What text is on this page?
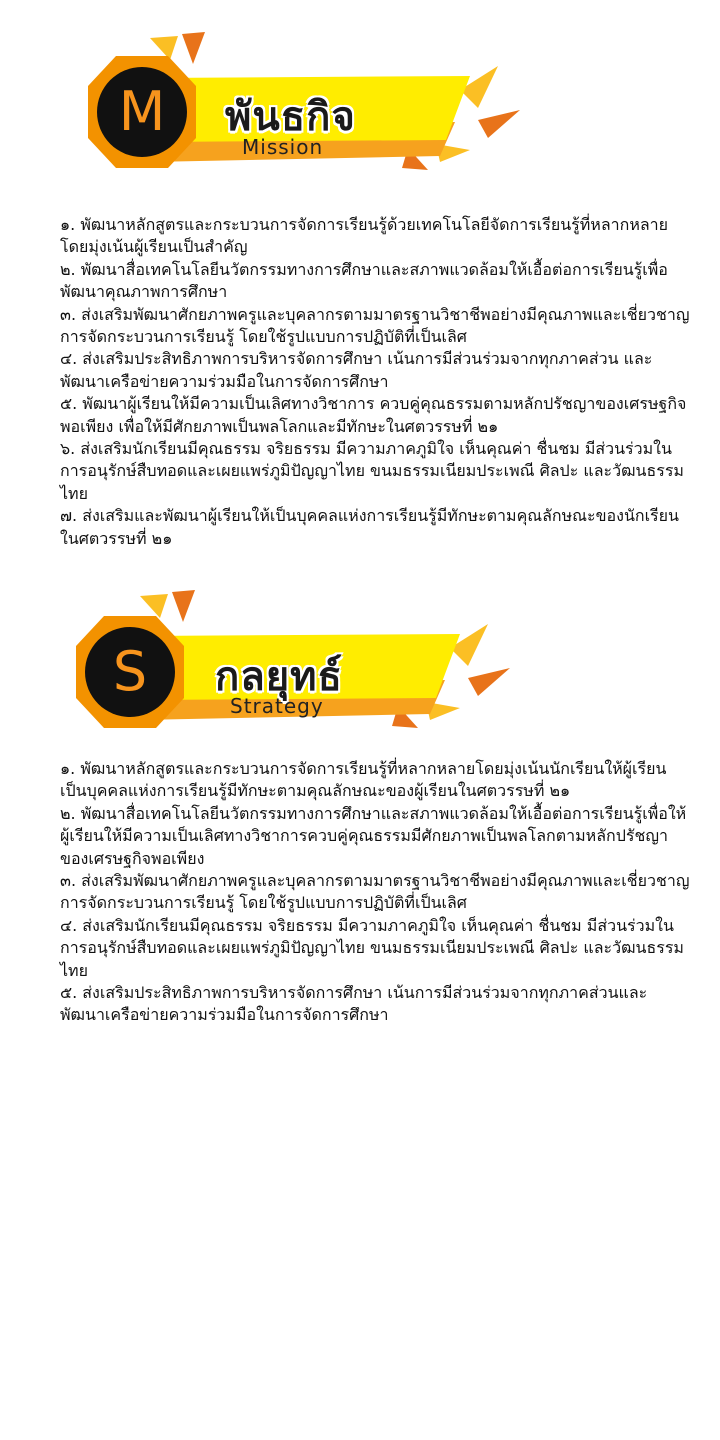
M	พันธกิจ
Mission
๑. พัฒนาหลักสูตรและกระบวนการจัดการเรียนรู้ด้วยเทคโนโลยีจัดการเรียนรู้ที่หลากหลายโดยมุ่งเน้นผู้เรียนเป็นสำคัญ
๒. พัฒนาสื่อเทคโนโลยีนวัตกรรมทางการศึกษาและสภาพแวดล้อมให้เอื้อต่อการเรียนรู้เพื่อพัฒนาคุณภาพการศึกษา
๓. ส่งเสริมพัฒนาศักยภาพครูและบุคลากรตามมาตรฐานวิชาชีพอย่างมีคุณภาพและเชี่ยวชาญการจัดกระบวนการเรียนรู้ โดยใช้รูปแบบการปฏิบัติที่เป็นเลิศ
๔. ส่งเสริมประสิทธิภาพการบริหารจัดการศึกษา เน้นการมีส่วนร่วมจากทุกภาคส่วน และพัฒนาเครือข่ายความร่วมมือในการจัดการศึกษา
๕. พัฒนาผู้เรียนให้มีความเป็นเลิศทางวิชาการ ควบคู่คุณธรรมตามหลักปรัชญาของเศรษฐกิจพอเพียง เพื่อให้มีศักยภาพเป็นพลโลกและมีทักษะในศตวรรษที่ ๒๑
๖. ส่งเสริมนักเรียนมีคุณธรรม จริยธรรม มีความภาคภูมิใจ เห็นคุณค่า ชื่นชม มีส่วนร่วมในการอนุรักษ์สืบทอดและเผยแพร่ภูมิปัญญาไทย ขนมธรรมเนียมประเพณี ศิลปะ และวัฒนธรรมไทย
๗. ส่งเสริมและพัฒนาผู้เรียนให้เป็นบุคคลแห่งการเรียนรู้มีทักษะตามคุณลักษณะของนักเรียนในศตวรรษที่ ๒๑
S	กลยุทธ์
Strategy
๑. พัฒนาหลักสูตรและกระบวนการจัดการเรียนรู้ที่หลากหลายโดยมุ่งเน้นนักเรียนให้ผู้เรียนเป็นบุคคลแห่งการเรียนรู้มีทักษะตามคุณลักษณะของผู้เรียนในศตวรรษที่ ๒๑
๒. พัฒนาสื่อเทคโนโลยีนวัตกรรมทางการศึกษาและสภาพแวดล้อมให้เอื้อต่อการเรียนรู้เพื่อให้ผู้เรียนให้มีความเป็นเลิศทางวิชาการควบคู่คุณธรรมมีศักยภาพเป็นพลโลกตามหลักปรัชญาของเศรษฐกิจพอเพียง
๓. ส่งเสริมพัฒนาศักยภาพครูและบุคลากรตามมาตรฐานวิชาชีพอย่างมีคุณภาพและเชี่ยวชาญการจัดกระบวนการเรียนรู้ โดยใช้รูปแบบการปฏิบัติที่เป็นเลิศ
๔. ส่งเสริมนักเรียนมีคุณธรรม จริยธรรม มีความภาคภูมิใจ เห็นคุณค่า ชื่นชม มีส่วนร่วมในการอนุรักษ์สืบทอดและเผยแพร่ภูมิปัญญาไทย ขนมธรรมเนียมประเพณี ศิลปะ และวัฒนธรรมไทย
๕. ส่งเสริมประสิทธิภาพการบริหารจัดการศึกษา เน้นการมีส่วนร่วมจากทุกภาคส่วนและพัฒนาเครือข่ายความร่วมมือในการจัดการศึกษา
